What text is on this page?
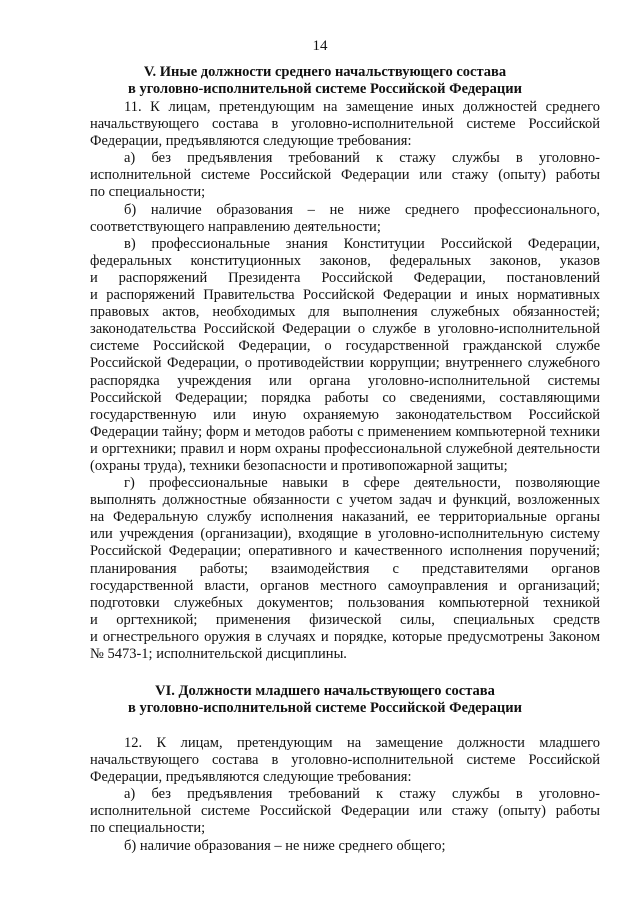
14
V. Иные должности среднего начальствующего состава
в уголовно-исполнительной системе Российской Федерации
11. К лицам, претендующим на замещение иных должностей среднего
начальствующего состава в уголовно-исполнительной системе Российской
Федерации, предъявляются следующие требования:
а) без предъявления требований к стажу службы в уголовно-
исполнительной системе Российской Федерации или стажу (опыту) работы
по специальности;
б) наличие образования – не ниже среднего профессионального,
соответствующего направлению деятельности;
в) профессиональные знания Конституции Российской Федерации,
федеральных конституционных законов, федеральных законов, указов
и распоряжений Президента Российской Федерации, постановлений
и распоряжений Правительства Российской Федерации и иных нормативных
правовых актов, необходимых для выполнения служебных обязанностей;
законодательства Российской Федерации о службе в уголовно-исполнительной
системе Российской Федерации, о государственной гражданской службе
Российской Федерации, о противодействии коррупции; внутреннего служебного
распорядка учреждения или органа уголовно-исполнительной системы
Российской Федерации; порядка работы со сведениями, составляющими
государственную или иную охраняемую законодательством Российской
Федерации тайну; форм и методов работы с применением компьютерной техники
и оргтехники; правил и норм охраны профессиональной служебной деятельности
(охраны труда), техники безопасности и противопожарной защиты;
г) профессиональные навыки в сфере деятельности, позволяющие
выполнять должностные обязанности с учетом задач и функций, возложенных
на Федеральную службу исполнения наказаний, ее территориальные органы
или учреждения (организации), входящие в уголовно-исполнительную систему
Российской Федерации; оперативного и качественного исполнения поручений;
планирования работы; взаимодействия с представителями органов
государственной власти, органов местного самоуправления и организаций;
подготовки служебных документов; пользования компьютерной техникой
и оргтехникой; применения физической силы, специальных средств
и огнестрельного оружия в случаях и порядке, которые предусмотрены Законом
№ 5473-1; исполнительской дисциплины.
VI. Должности младшего начальствующего состава
в уголовно-исполнительной системе Российской Федерации
12. К лицам, претендующим на замещение должности младшего
начальствующего состава в уголовно-исполнительной системе Российской
Федерации, предъявляются следующие требования:
а) без предъявления требований к стажу службы в уголовно-
исполнительной системе Российской Федерации или стажу (опыту) работы
по специальности;
б) наличие образования – не ниже среднего общего;
